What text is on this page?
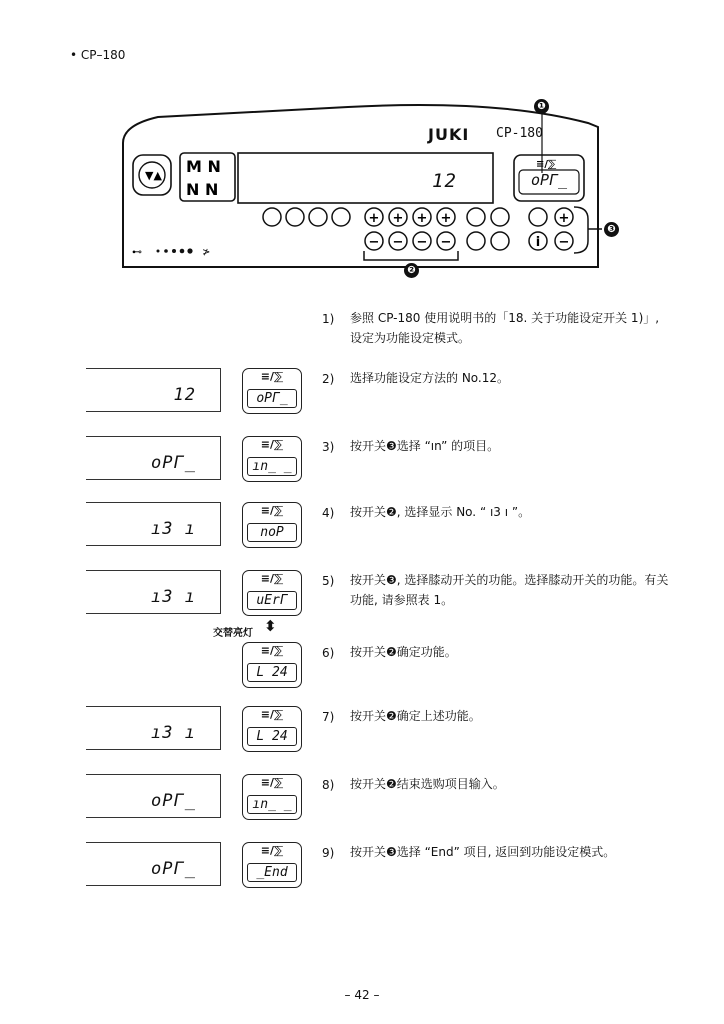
• CP–180
≡/⅀
▼▲ M N
N N
+ + + +
− − − −
+
−
i
⊷	≯
JUKI CP-180
12	oPΓ_
❶
❷
❸
1) 参照 CP-180 使用说明书的「18. 关于功能设定开关 1)」, 设定为功能设定模式。
12
≡/⅀
oPΓ_
2) 选择功能设定方法的 No.12。
oPΓ_
≡/⅀
ın_ _
3) 按开关❸选择 “ın” 的项目。
ı3 ı
≡/⅀
noP
4) 按开关❷, 选择显示 No. “ ı3 ı ”。
ı3 ı
≡/⅀
uErΓ
5) 按开关❸, 选择膝动开关的功能。选择膝动开关的功能。有关功能, 请参照表 1。
交替亮灯 ⬍
≡/⅀
L 24
6) 按开关❷确定功能。
ı3 ı
≡/⅀
L 24
7) 按开关❷确定上述功能。
oPΓ_
≡/⅀
ın_ _
8) 按开关❷结束选购项目输入。
oPΓ_
≡/⅀
_End
9) 按开关❸选择 “End” 项目, 返回到功能设定模式。
– 42 –
